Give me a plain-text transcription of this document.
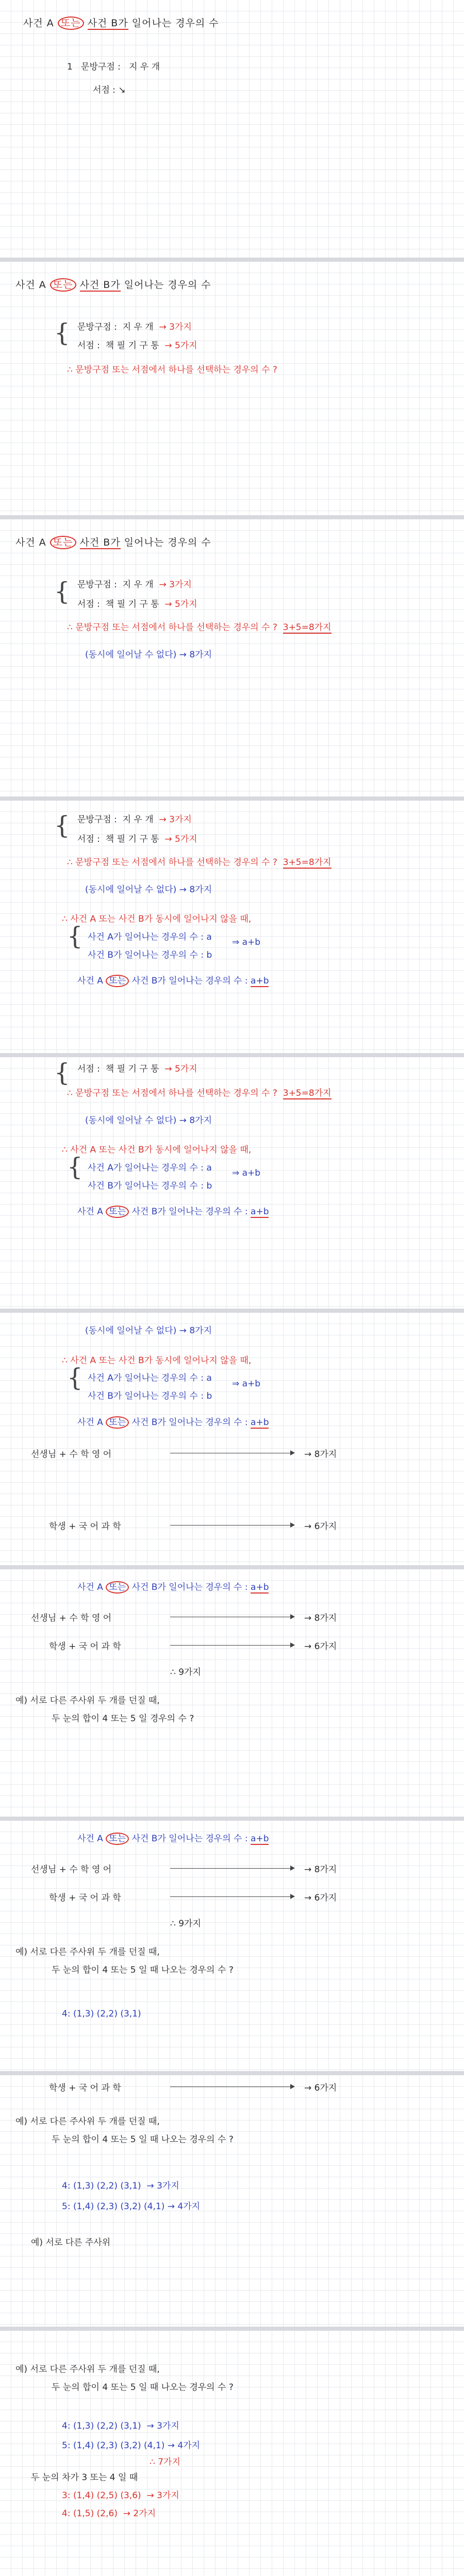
사건 A 또는 사건 B가 일어나는 경우의 수
1 문방구점 : 지 우 개
서점 : ↘
사건 A 또는 사건 B가 일어나는 경우의 수
{ 문방구점 : 지 우 개 → 3가지
서점 : 책 필 기 구 통 → 5가지
∴ 문방구점 또는 서점에서 하나를 선택하는 경우의 수 ?
사건 A 또는 사건 B가 일어나는 경우의 수
{ 문방구점 : 지 우 개 → 3가지
서점 : 책 필 기 구 통 → 5가지
∴ 문방구점 또는 서점에서 하나를 선택하는 경우의 수 ? 3+5=8가지
(동시에 일어날 수 없다) → 8가지
{ 문방구점 : 지 우 개 → 3가지
서점 : 책 필 기 구 통 → 5가지
∴ 문방구점 또는 서점에서 하나를 선택하는 경우의 수 ? 3+5=8가지
(동시에 일어날 수 없다) → 8가지
∴ 사건 A 또는 사건 B가 동시에 일어나지 않을 때,
{ 사건 A가 일어나는 경우의 수 : a
사건 B가 일어나는 경우의 수 : b
⇒ a+b
사건 A 또는 사건 B가 일어나는 경우의 수 : a+b
{ 서점 : 책 필 기 구 통 → 5가지
∴ 문방구점 또는 서점에서 하나를 선택하는 경우의 수 ? 3+5=8가지
(동시에 일어날 수 없다) → 8가지
∴ 사건 A 또는 사건 B가 동시에 일어나지 않을 때,
{ 사건 A가 일어나는 경우의 수 : a
사건 B가 일어나는 경우의 수 : b
⇒ a+b
사건 A 또는 사건 B가 일어나는 경우의 수 : a+b
(동시에 일어날 수 없다) → 8가지
∴ 사건 A 또는 사건 B가 동시에 일어나지 않을 때,
{ 사건 A가 일어나는 경우의 수 : a
사건 B가 일어나는 경우의 수 : b
⇒ a+b
사건 A 또는 사건 B가 일어나는 경우의 수 : a+b
선생님 + 수 학 영 어	→ 8가지
학생 + 국 어 과 학	→ 6가지
사건 A 또는 사건 B가 일어나는 경우의 수 : a+b
선생님 + 수 학 영 어	→ 8가지
학생 + 국 어 과 학	→ 6가지
∴ 9가지
예) 서로 다른 주사위 두 개를 던질 때,
두 눈의 합이 4 또는 5 일 경우의 수 ?
사건 A 또는 사건 B가 일어나는 경우의 수 : a+b
선생님 + 수 학 영 어	→ 8가지
학생 + 국 어 과 학	→ 6가지
∴ 9가지
예) 서로 다른 주사위 두 개를 던질 때,
두 눈의 합이 4 또는 5 일 때 나오는 경우의 수 ?
4: (1,3) (2,2) (3,1)
학생 + 국 어 과 학	→ 6가지
예) 서로 다른 주사위 두 개를 던질 때,
두 눈의 합이 4 또는 5 일 때 나오는 경우의 수 ?
4: (1,3) (2,2) (3,1) → 3가지
5: (1,4) (2,3) (3,2) (4,1) → 4가지
예) 서로 다른 주사위
예) 서로 다른 주사위 두 개를 던질 때,
두 눈의 합이 4 또는 5 일 때 나오는 경우의 수 ?
4: (1,3) (2,2) (3,1) → 3가지
5: (1,4) (2,3) (3,2) (4,1) → 4가지
∴ 7가지
두 눈의 차가 3 또는 4 일 때
3: (1,4) (2,5) (3,6) → 3가지
4: (1,5) (2,6) → 2가지
